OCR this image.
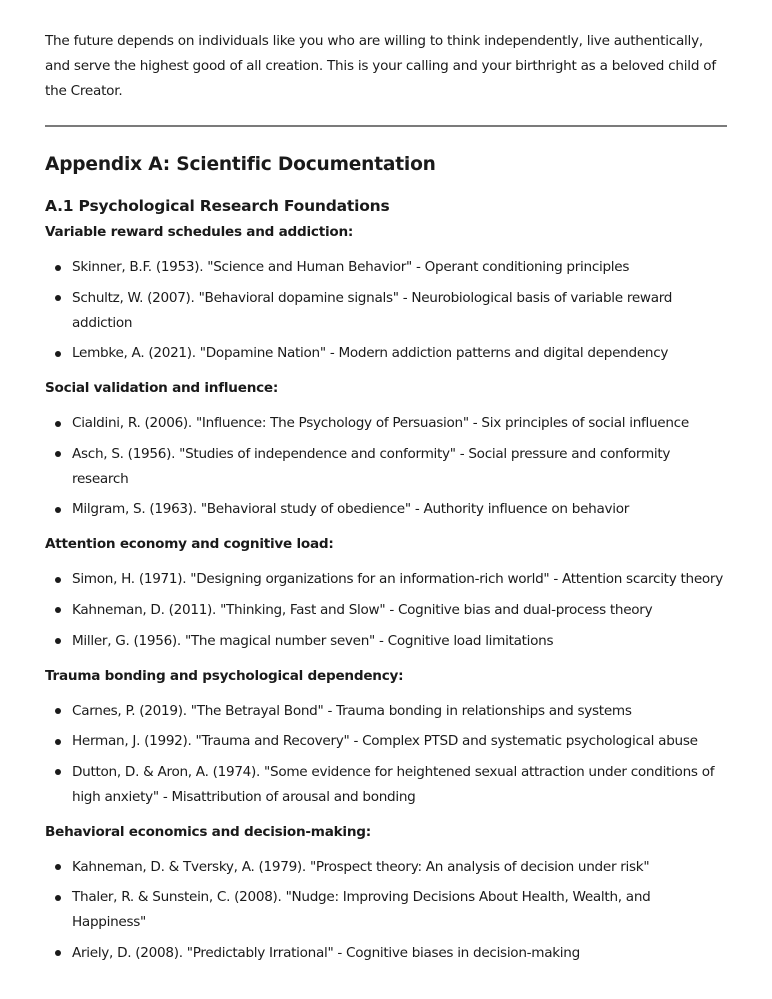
The future depends on individuals like you who are willing to think independently, live authentically, and serve the highest good of all creation. This is your calling and your birthright as a beloved child of the Creator.

Appendix A: Scientific Documentation
A.1 Psychological Research Foundations
Variable reward schedules and addiction:
Skinner, B.F. (1953). "Science and Human Behavior" - Operant conditioning principles
Schultz, W. (2007). "Behavioral dopamine signals" - Neurobiological basis of variable reward addiction
Lembke, A. (2021). "Dopamine Nation" - Modern addiction patterns and digital dependency
Social validation and influence:
Cialdini, R. (2006). "Influence: The Psychology of Persuasion" - Six principles of social influence
Asch, S. (1956). "Studies of independence and conformity" - Social pressure and conformity research
Milgram, S. (1963). "Behavioral study of obedience" - Authority influence on behavior
Attention economy and cognitive load:
Simon, H. (1971). "Designing organizations for an information-rich world" - Attention scarcity theory
Kahneman, D. (2011). "Thinking, Fast and Slow" - Cognitive bias and dual-process theory
Miller, G. (1956). "The magical number seven" - Cognitive load limitations
Trauma bonding and psychological dependency:
Carnes, P. (2019). "The Betrayal Bond" - Trauma bonding in relationships and systems
Herman, J. (1992). "Trauma and Recovery" - Complex PTSD and systematic psychological abuse
Dutton, D. & Aron, A. (1974). "Some evidence for heightened sexual attraction under conditions of high anxiety" - Misattribution of arousal and bonding
Behavioral economics and decision-making:
Kahneman, D. & Tversky, A. (1979). "Prospect theory: An analysis of decision under risk"
Thaler, R. & Sunstein, C. (2008). "Nudge: Improving Decisions About Health, Wealth, and Happiness"
Ariely, D. (2008). "Predictably Irrational" - Cognitive biases in decision-making
